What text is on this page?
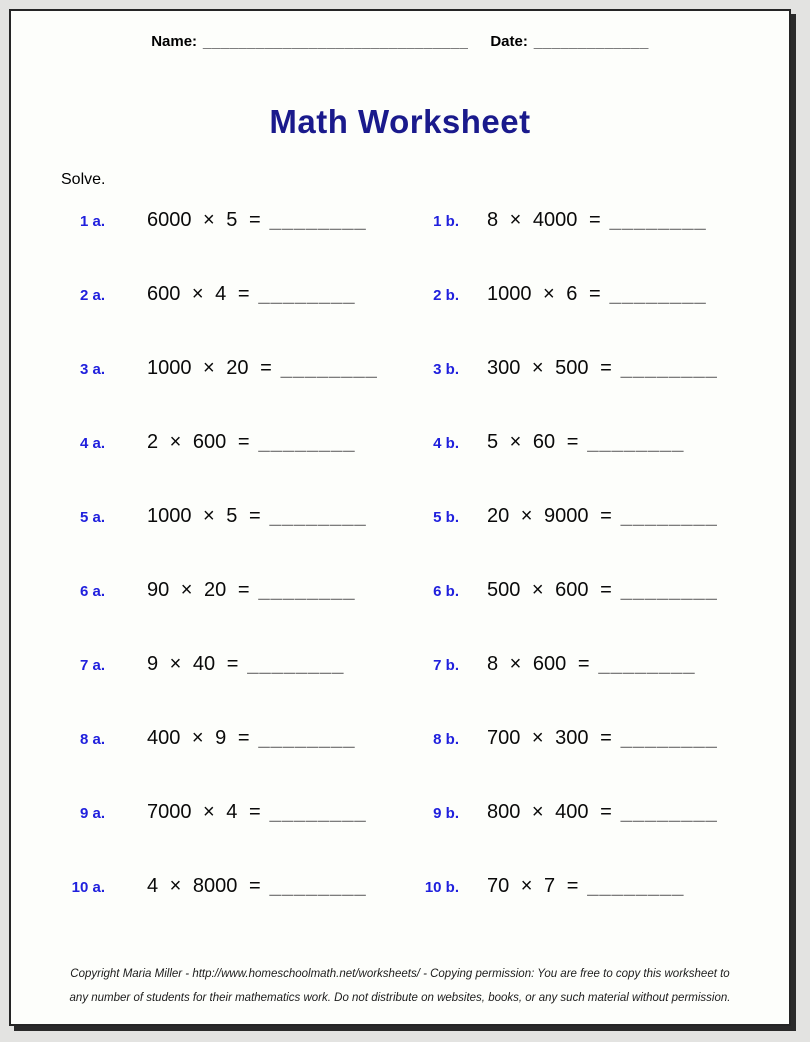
Name: ______________________________ Date: _____________
Math Worksheet
Solve.
1 a. 6000 × 5 = ________	1 b. 8 × 4000 = ________
2 a. 600 × 4 = ________	2 b. 1000 × 6 = ________
3 a. 1000 × 20 = ________	3 b. 300 × 500 = ________
4 a. 2 × 600 = ________	4 b. 5 × 60 = ________
5 a. 1000 × 5 = ________	5 b. 20 × 9000 = ________
6 a. 90 × 20 = ________	6 b. 500 × 600 = ________
7 a. 9 × 40 = ________	7 b. 8 × 600 = ________
8 a. 400 × 9 = ________	8 b. 700 × 300 = ________
9 a. 7000 × 4 = ________	9 b. 800 × 400 = ________
10 a. 4 × 8000 = ________	10 b. 70 × 7 = ________
Copyright Maria Miller - http://www.homeschoolmath.net/worksheets/ - Copying permission: You are free to copy this worksheet to any number of students for their mathematics work. Do not distribute on websites, books, or any such material without permission.
